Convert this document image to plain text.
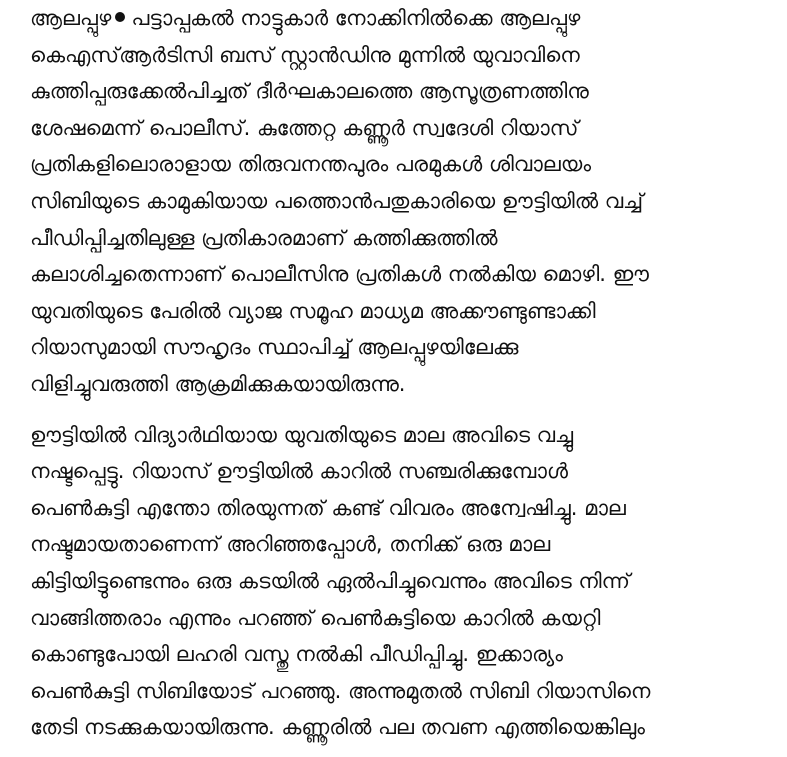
ആലപ്പുഴ പട്ടാപ്പകൽ നാട്ടുകാർ നോക്കിനിൽക്കെ ആലപ്പുഴ
കെഎസ്ആർടിസി ബസ് സ്റ്റാൻഡിനു മുന്നിൽ യുവാവിനെ
കുത്തിപ്പരുക്കേൽപിച്ചത് ദീർഘകാലത്തെ ആസൂത്രണത്തിനു
ശേഷമെന്ന് പൊലീസ്. കുത്തേറ്റ കണ്ണൂർ സ്വദേശി റിയാസ്
പ്രതികളിലൊരാളായ തിരുവനന്തപുരം പരമുകൾ ശിവാലയം
സിബിയുടെ കാമുകിയായ പത്തൊൻപതുകാരിയെ ഊട്ടിയിൽ വച്ച്
പീഡിപ്പിച്ചതിലുള്ള പ്രതികാരമാണ് കത്തിക്കുത്തിൽ
കലാശിച്ചതെന്നാണ് പൊലീസിനു പ്രതികൾ നൽകിയ മൊഴി. ഈ
യുവതിയുടെ പേരിൽ വ്യാജ സമൂഹ മാധ്യമ അക്കൗണ്ടുണ്ടാക്കി
റിയാസുമായി സൗഹൃദം സ്ഥാപിച്ച് ആലപ്പുഴയിലേക്കു
വിളിച്ചുവരുത്തി ആക്രമിക്കുകയായിരുന്നു.

ഊട്ടിയിൽ വിദ്യാർഥിയായ യുവതിയുടെ മാല അവിടെ വച്ചു
നഷ്ടപ്പെട്ടു. റിയാസ് ഊട്ടിയിൽ കാറിൽ സഞ്ചരിക്കുമ്പോൾ
പെൺകുട്ടി എന്തോ തിരയുന്നത് കണ്ട് വിവരം അന്വേഷിച്ചു. മാല
നഷ്ടമായതാണെന്ന് അറിഞ്ഞപ്പോൾ, തനിക്ക് ഒരു മാല
കിട്ടിയിട്ടുണ്ടെന്നും ഒരു കടയിൽ ഏൽപിച്ചുവെന്നും അവിടെ നിന്ന്
വാങ്ങിത്തരാം എന്നും പറഞ്ഞ് പെൺകുട്ടിയെ കാറിൽ കയറ്റി
കൊണ്ടുപോയി ലഹരി വസ്തു നൽകി പീഡിപ്പിച്ചു. ഇക്കാര്യം
പെൺകുട്ടി സിബിയോട് പറഞ്ഞു. അന്നുമുതൽ സിബി റിയാസിനെ
തേടി നടക്കുകയായിരുന്നു. കണ്ണൂരിൽ പല തവണ എത്തിയെങ്കിലും
